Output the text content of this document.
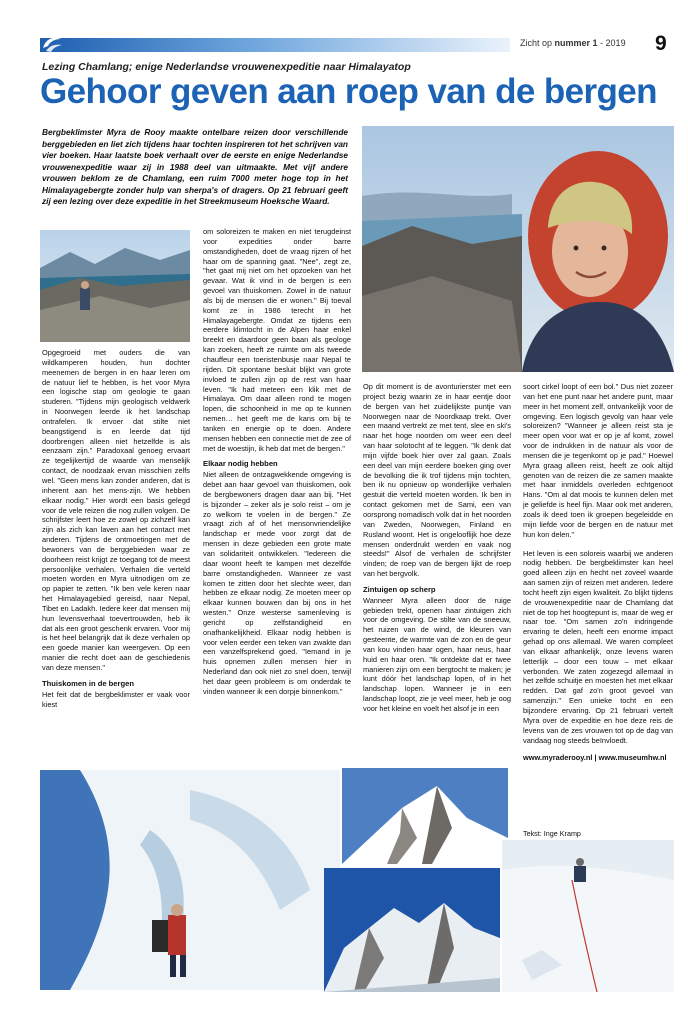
Zicht op nummer 1 - 2019 9
Lezing Chamlang; enige Nederlandse vrouwenexpeditie naar Himalayatop
Gehoor geven aan roep van de bergen
Bergbeklimster Myra de Rooy maakte ontelbare reizen door verschillende berggebieden en liet zich tijdens haar tochten inspireren tot het schrijven van vier boeken. Haar laatste boek verhaalt over de eerste en enige Nederlandse vrouwenexpeditie waar zij in 1988 deel van uitmaakte. Met vijf andere vrouwen beklom ze de Chamlang, een ruim 7000 meter hoge top in het Himalayagebergte zonder hulp van sherpa's of dragers. Op 21 februari geeft zij een lezing over deze expeditie in het Streekmuseum Hoeksche Waard.

Opgegroeid met ouders die van wildkamperen houden, hun dochter meenemen de bergen in en haar leren om de natuur lief te hebben, is het voor Myra een logische stap om geologie te gaan studeren. "Tijdens mijn geologisch veldwerk in Noorwegen leerde ik het landschap ontrafelen. Ik ervoer dat stilte niet beangstigend is en leerde dat tijd doorbrengen alleen niet hetzelfde is als eenzaam zijn." Paradoxaal genoeg ervaart ze tegelijkertijd de waarde van menselijk contact, de noodzaak ervan misschien zelfs wel. "Geen mens kan zonder anderen, dat is inherent aan het mens-zijn. We hebben elkaar nodig." Hier wordt een basis gelegd voor de vele reizen die nog zullen volgen. De schrijfster leert hoe ze zowel op zichzelf kan zijn als zich kan laven aan het contact met anderen. Tijdens de ontmoetingen met de bewoners van de berggebieden waar ze doorheen reist krijgt ze toegang tot de meest persoonlijke verhalen. Verhalen die verteld moeten worden en Myra uitnodigen om ze op papier te zetten. "Ik ben vele keren naar het Himalayagebied gereisd, naar Nepal, Tibet en Ladakh. Iedere keer dat mensen mij hun levensverhaal toevertrouwden, heb ik dat als een groot geschenk ervaren. Voor mij is het heel belangrijk dat ik deze verhalen op een goede manier kan weergeven. Op een manier die recht doet aan de geschiedenis van deze mensen."

Thuiskomen in de bergen

Het feit dat de bergbeklimster er vaak voor kiest

om soloreizen te maken en niet terugdeinst voor expedities onder barre omstandigheden, doet de vraag rijzen of het haar om de spanning gaat. "Nee", zegt ze, "het gaat mij niet om het opzoeken van het gevaar. Wat ik vind in de bergen is een gevoel van thuiskomen. Zowel in de natuur als bij de mensen die er wonen." Bij toeval komt ze in 1986 terecht in het Himalayagebergte. Omdat ze tijdens een eerdere klimtocht in de Alpen haar enkel breekt en daardoor geen baan als geologe kan zoeken, heeft ze ruimte om als tweede chauffeur een toeristenbusje naar Nepal te rijden. Dit spontane besluit blijkt van grote invloed te zullen zijn op de rest van haar leven. "Ik had meteen een klik met de Himalaya. Om daar alleen rond te mogen lopen, die schoonheid in me op te kunnen nemen… het geeft me de kans om bij te tanken en energie op te doen. Andere mensen hebben een connectie met de zee of met de woestijn, ik heb dat met de bergen."

Elkaar nodig hebben

Niet alleen de ontzagwekkende omgeving is debet aan haar gevoel van thuiskomen, ook de bergbewoners dragen daar aan bij. "Het is bijzonder – zeker als je solo reist – om je zo welkom te voelen in de bergen." Ze vraagt zich af of het mensonvriendelijke landschap er mede voor zorgt dat de mensen in deze gebieden een grote mate van solidariteit ontwikkelen. "Iedereen die daar woont heeft te kampen met dezelfde barre omstandigheden. Wanneer ze vast komen te zitten door het slechte weer, dan hebben ze elkaar nodig. Ze moeten meer op elkaar kunnen bouwen dan bij ons in het westen." Onze westerse samenleving is gericht op zelfstandigheid en onafhankelijkheid. Elkaar nodig hebben is voor velen eerder een teken van zwakte dan een vanzelfsprekend goed. "Iemand in je huis opnemen zullen mensen hier in Nederland dan ook niet zo snel doen, terwijl het daar geen probleem is om onderdak te vinden wanneer ik een dorpje binnenkom."

Op dit moment is de avonturierster met een project bezig waarin ze in haar eentje door de bergen van het zuidelijkste puntje van Noorwegen naar de Noordkaap trekt. Over een maand vertrekt ze met tent, slee en ski's naar het hoge noorden om weer een deel van haar solotocht af te leggen. "Ik denk dat mijn vijfde boek hier over zal gaan. Zoals een deel van mijn eerdere boeken ging over de bevolking die ik trof tijdens mijn tochten, ben ik nu opnieuw op wonderlijke verhalen gestuit die verteld moeten worden. Ik ben in contact gekomen met de Sami, een van oorsprong nomadisch volk dat in het noorden van Zweden, Noorwegen, Finland en Rusland woont. Het is ongelooflijk hoe deze mensen onderdrukt werden en vaak nog steeds!" Alsof de verhalen de schrijfster vinden; de roep van de bergen lijkt de roep van het bergvolk.

Zintuigen op scherp

Wanneer Myra alleen door de ruige gebieden trekt, openen haar zintuigen zich voor de omgeving. De stilte van de sneeuw, het ruizen van de wind, de kleuren van gesteente, de warmte van de zon en de geur van kou vinden haar ogen, haar neus, haar huid en haar oren. "Ik ontdekte dat er twee manieren zijn om een bergtocht te maken; je kunt dóór het landschap lopen, of in het landschap lopen. Wanneer je in een landschap loopt, zie je veel meer, heb je oog voor het kleine en voelt het alsof je in een

soort cirkel loopt of een bol." Dus niet zozeer van het ene punt naar het andere punt, maar meer in het moment zelf, ontvankelijk voor de omgeving. Een logisch gevolg van haar vele soloreizen? "Wanneer je alleen reist sta je meer open voor wat er op je af komt, zowel voor de indrukken in de natuur als voor de mensen die je tegenkomt op je pad." Hoewel Myra graag alleen reist, heeft ze ook altijd genoten van de reizen die ze samen maakte met haar inmiddels overleden echtgenoot Hans. "Om al dat moois te kunnen delen met je geliefde is heel fijn. Maar ook met anderen, zoals ik deed toen ik groepen begeleidde en mijn liefde voor de bergen en de natuur met hun kon delen."

Het leven is een soloreis waarbij we anderen nodig hebben. De bergbeklimster kan heel goed alleen zijn en hecht net zoveel waarde aan samen zijn of reizen met anderen. Iedere tocht heeft zijn eigen kwaliteit. Zo blijkt tijdens de vrouwenexpeditie naar de Chamlang dat niet de top het hoogtepunt is, maar de weg er naar toe. "Om samen zo'n indringende ervaring te delen, heeft een enorme impact gehad op ons allemaal. We waren compleet van elkaar afhankelijk, onze levens waren letterlijk – door een touw – met elkaar verbonden. We zaten zogezegd allemaal in het zelfde schuitje en moesten het met elkaar redden. Dat gaf zo'n groot gevoel van samenzijn." Een unieke tocht en een bijzondere ervaring. Op 21 februari vertelt Myra over de expeditie en hoe deze reis de levens van de zes vrouwen tot op de dag van vandaag nog steeds beïnvloedt.

www.myraderooy.nl | www.museumhw.nl

Tekst: Inge Kramp
